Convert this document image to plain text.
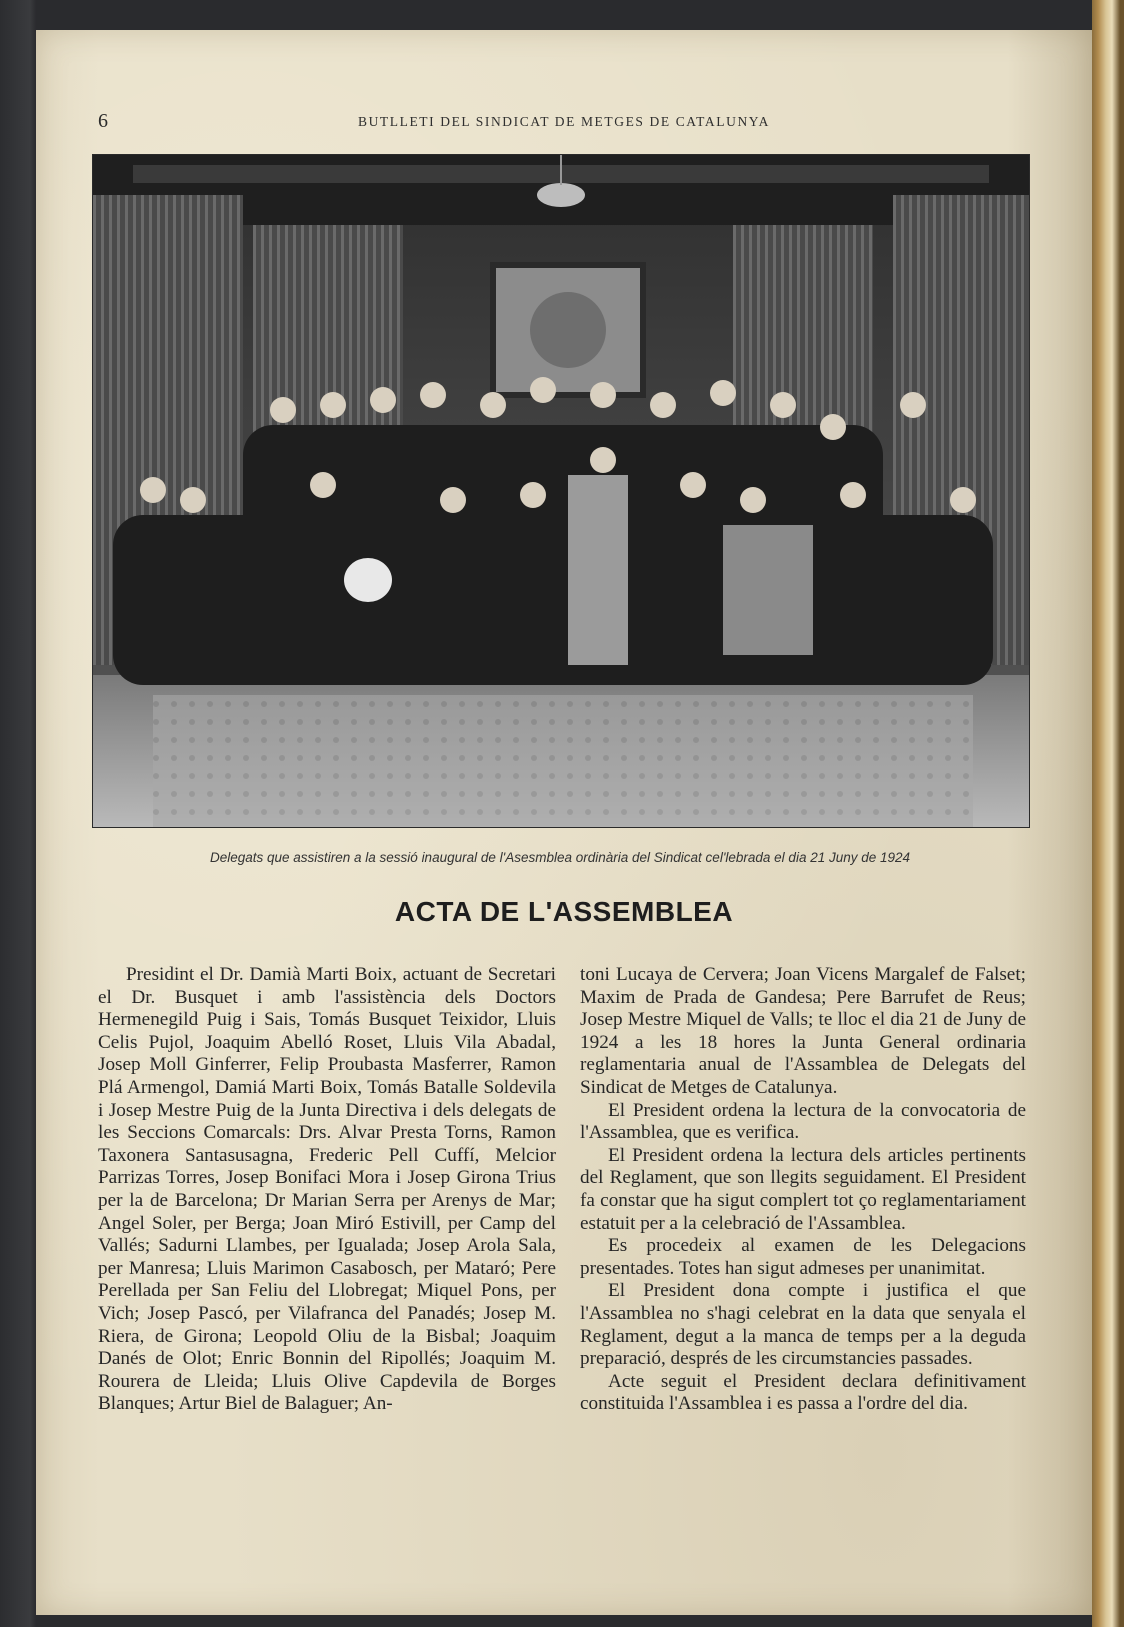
6	BUTLLETI DEL SINDICAT DE METGES DE CATALUNYA
Delegats que assistiren a la sessió inaugural de l'Asesmblea ordinària del Sindicat cel'lebrada el dia 21 Juny de 1924
ACTA DE L'ASSEMBLEA

Presidint el Dr. Damià Marti Boix, actuant de Secretari el Dr. Busquet i amb l'assistència dels Doctors Hermenegild Puig i Sais, Tomás Busquet Teixidor, Lluis Celis Pujol, Joaquim Abelló Roset, Lluis Vila Abadal, Josep Moll Ginferrer, Felip Proubasta Masferrer, Ramon Plá Armengol, Damiá Marti Boix, Tomás Batalle Soldevila i Josep Mestre Puig de la Junta Directiva i dels delegats de les Seccions Comarcals: Drs. Alvar Presta Torns, Ramon Taxonera Santasusagna, Frederic Pell Cuffí, Melcior Parrizas Torres, Josep Bonifaci Mora i Josep Girona Trius per la de Barcelona; Dr Marian Serra per Arenys de Mar; Angel Soler, per Berga; Joan Miró Estivill, per Camp del Vallés; Sadurni Llambes, per Igualada; Josep Arola Sala, per Manresa; Lluis Marimon Casabosch, per Mataró; Pere Perellada per San Feliu del Llobregat; Miquel Pons, per Vich; Josep Pascó, per Vilafranca del Panadés; Josep M. Riera, de Girona; Leopold Oliu de la Bisbal; Joaquim Danés de Olot; Enric Bonnin del Ripollés; Joaquim M. Rourera de Lleida; Lluis Olive Capdevila de Borges Blanques; Artur Biel de Balaguer; An-

toni Lucaya de Cervera; Joan Vicens Margalef de Falset; Maxim de Prada de Gandesa; Pere Barrufet de Reus; Josep Mestre Miquel de Valls; te lloc el dia 21 de Juny de 1924 a les 18 hores la Junta General ordinaria reglamentaria anual de l'Assamblea de Delegats del Sindicat de Metges de Catalunya.

El President ordena la lectura de la convocatoria de l'Assamblea, que es verifica.

El President ordena la lectura dels articles pertinents del Reglament, que son llegits seguidament. El President fa constar que ha sigut complert tot ço reglamentariament estatuit per a la celebració de l'Assamblea.

Es procedeix al examen de les Delegacions presentades. Totes han sigut admeses per unanimitat.

El President dona compte i justifica el que l'Assamblea no s'hagi celebrat en la data que senyala el Reglament, degut a la manca de temps per a la deguda preparació, després de les circumstancies passades.

Acte seguit el President declara definitivament constituida l'Assamblea i es passa a l'ordre del dia.
